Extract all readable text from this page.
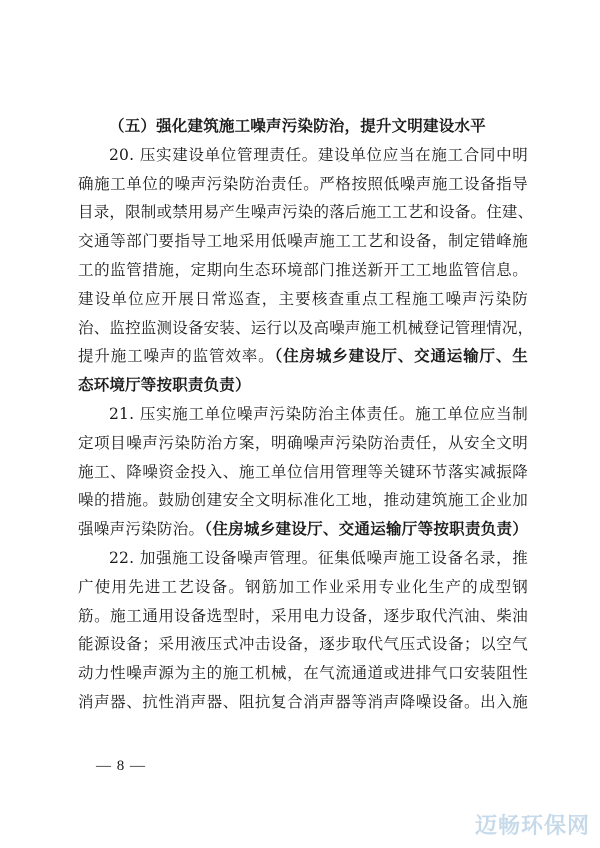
（五）强化建筑施工噪声污染防治，提升文明建设水平
20. 压实建设单位管理责任。建设单位应当在施工合同中明
确施工单位的噪声污染防治责任。严格按照低噪声施工设备指导
目录，限制或禁用易产生噪声污染的落后施工工艺和设备。住建、
交通等部门要指导工地采用低噪声施工工艺和设备，制定错峰施
工的监管措施，定期向生态环境部门推送新开工工地监管信息。
建设单位应开展日常巡查，主要核查重点工程施工噪声污染防
治、监控监测设备安装、运行以及高噪声施工机械登记管理情况，
提升施工噪声的监管效率。（住房城乡建设厅、交通运输厅、生
态环境厅等按职责负责）
21. 压实施工单位噪声污染防治主体责任。施工单位应当制
定项目噪声污染防治方案，明确噪声污染防治责任，从安全文明
施工、降噪资金投入、施工单位信用管理等关键环节落实减振降
噪的措施。鼓励创建安全文明标准化工地，推动建筑施工企业加
强噪声污染防治。（住房城乡建设厅、交通运输厅等按职责负责）
22. 加强施工设备噪声管理。征集低噪声施工设备名录，推
广使用先进工艺设备。钢筋加工作业采用专业化生产的成型钢
筋。施工通用设备选型时，采用电力设备，逐步取代汽油、柴油
能源设备；采用液压式冲击设备，逐步取代气压式设备；以空气
动力性噪声源为主的施工机械，在气流通道或进排气口安装阻性
消声器、抗性消声器、阻抗复合消声器等消声降噪设备。出入施
— 8 —
迈畅环保网
